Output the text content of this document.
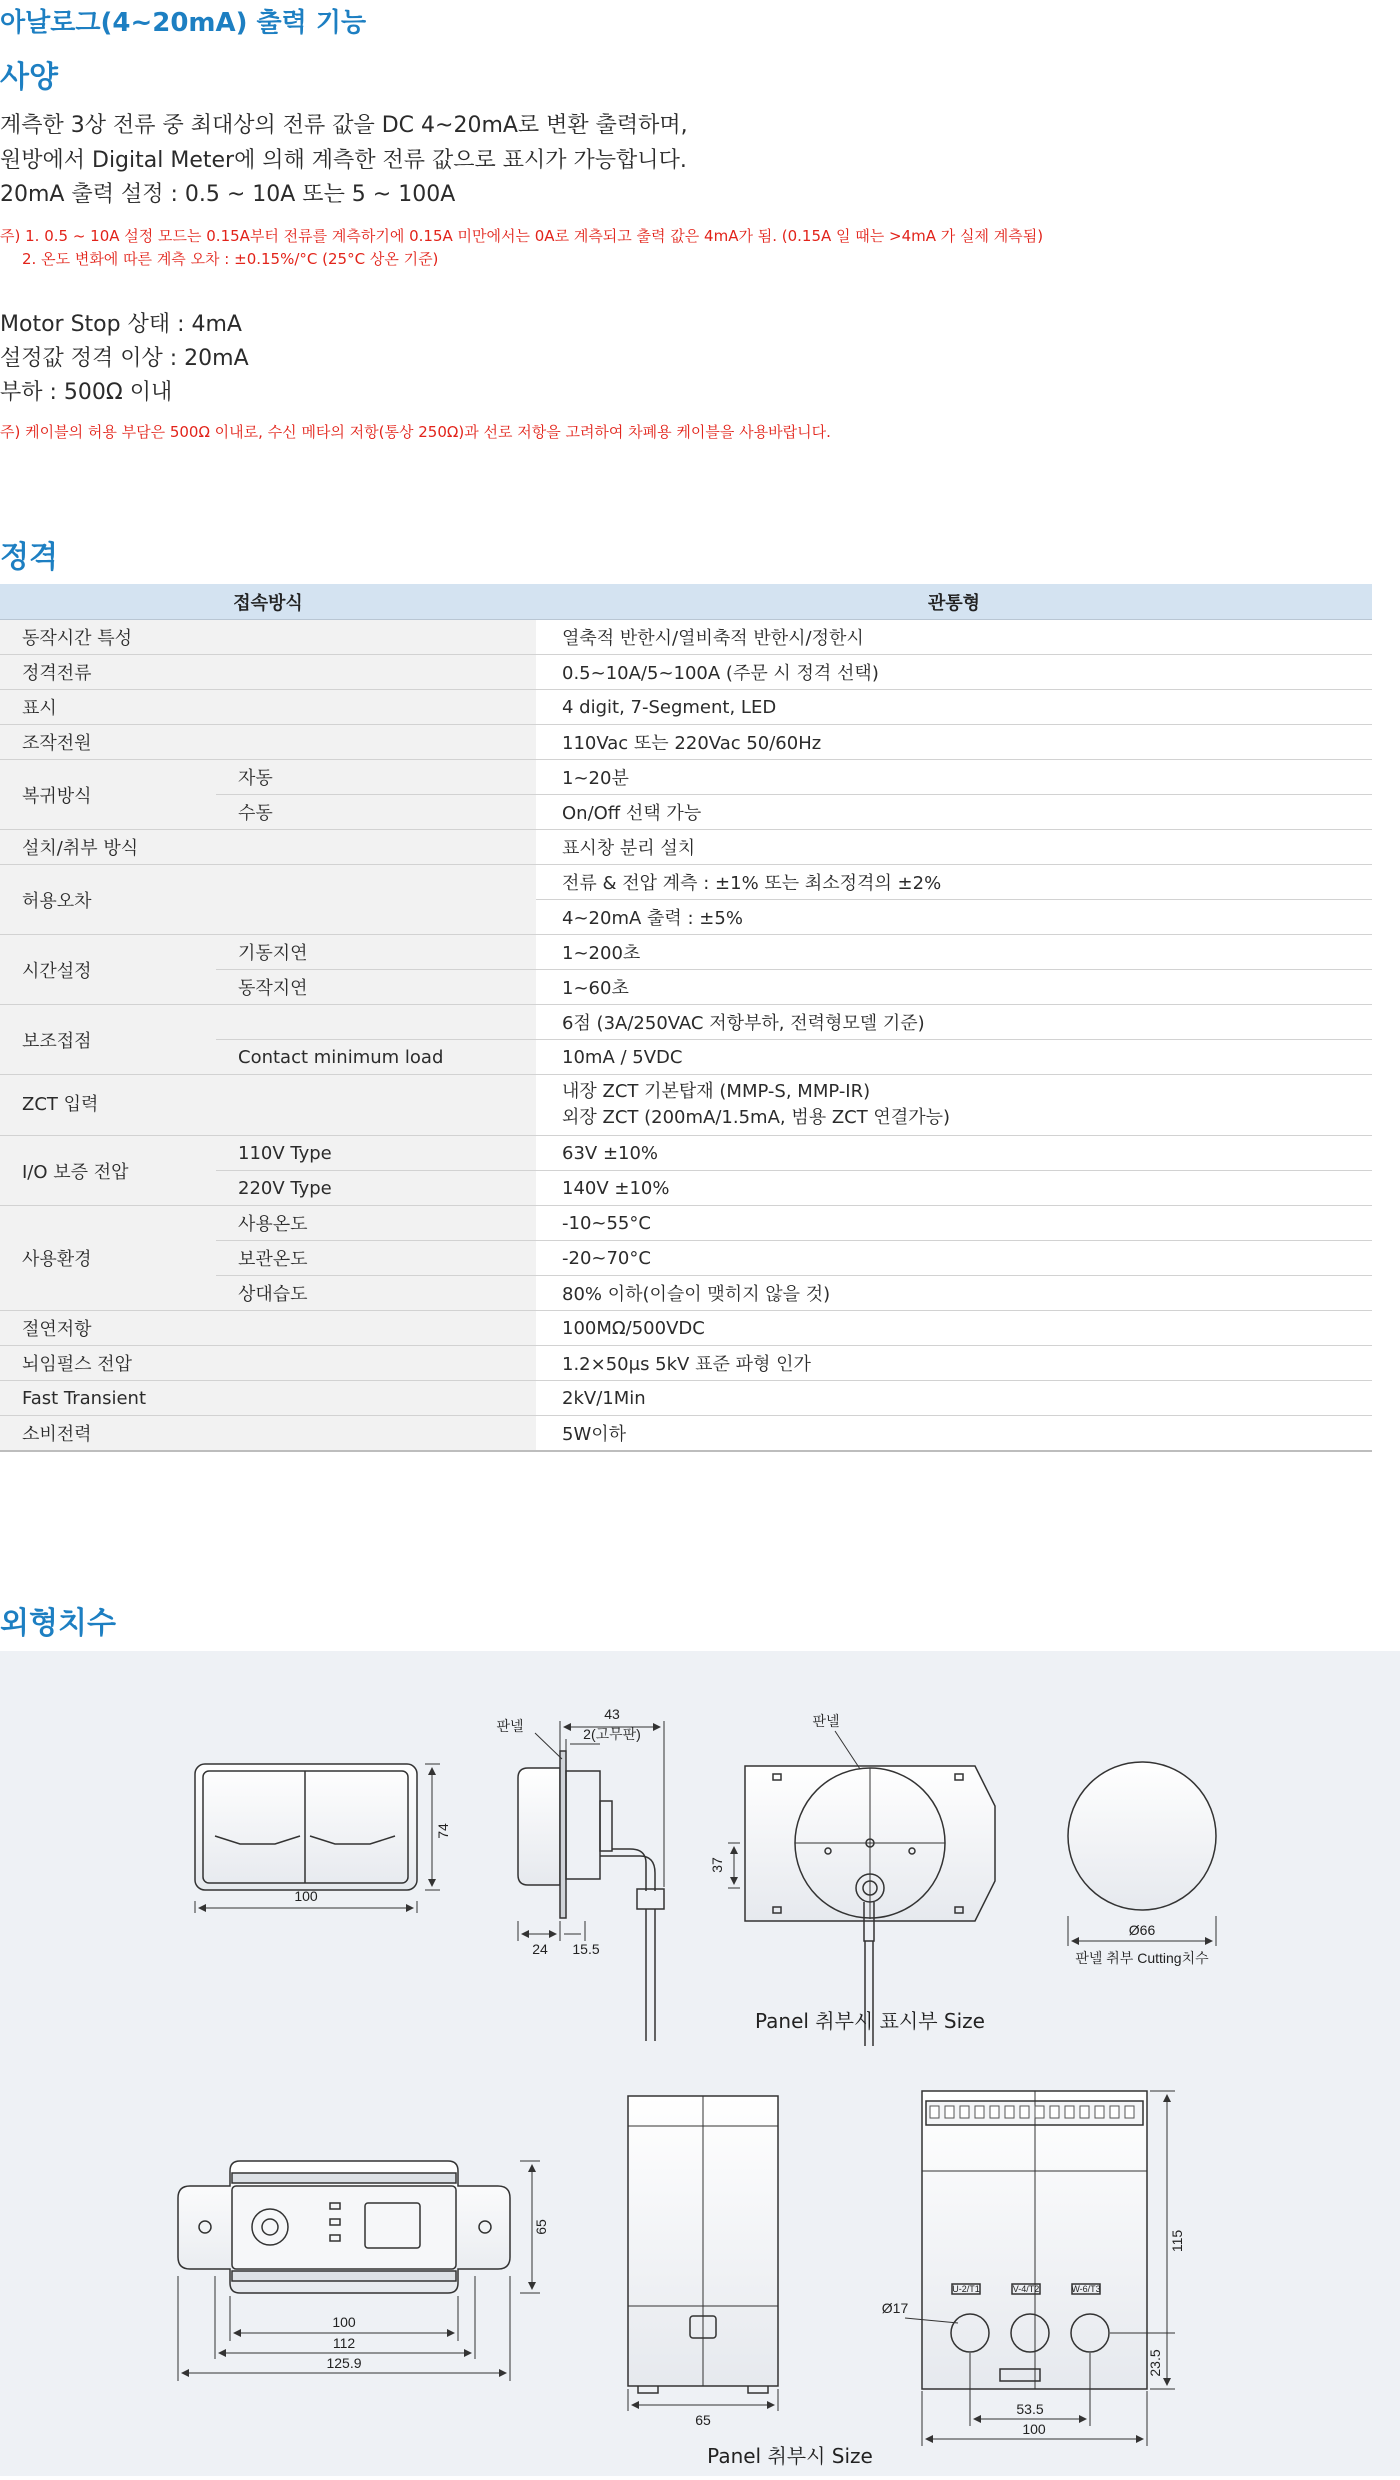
아날로그(4~20mA) 출력 기능
사양
계측한 3상 전류 중 최대상의 전류 값을 DC 4~20mA로 변환 출력하며,
원방에서 Digital Meter에 의해 계측한 전류 값으로 표시가 가능합니다.
20mA 출력 설정 : 0.5 ~ 10A 또는 5 ~ 100A
주) 1. 0.5 ~ 10A 설정 모드는 0.15A부터 전류를 계측하기에 0.15A 미만에서는 0A로 계측되고 출력 값은 4mA가 됨. (0.15A 일 때는 >4mA 가 실제 계측됨)
2. 온도 변화에 따른 계측 오차 : ±0.15%/°C (25°C 상온 기준)
Motor Stop 상태 : 4mA
설정값 정격 이상 : 20mA
부하 : 500Ω 이내
주) 케이블의 허용 부담은 500Ω 이내로, 수신 메타의 저항(통상 250Ω)과 선로 저항을 고려하여 차폐용 케이블을 사용바랍니다.
정격
접속방식		관통형
동작시간 특성		열축적 반한시/열비축적 반한시/정한시
정격전류		0.5~10A/5~100A (주문 시 정격 선택)
표시		4 digit, 7-Segment, LED
조작전원		110Vac 또는 220Vac 50/60Hz
복귀방식	자동	1~20분
	수동	On/Off 선택 가능
설치/취부 방식		표시창 분리 설치
허용오차		전류 & 전압 계측 : ±1% 또는 최소정격의 ±2%
		4~20mA 출력 : ±5%
시간설정	기동지연	1~200초
	동작지연	1~60초
보조접점		6점 (3A/250VAC 저항부하, 전력형모델 기준)
	Contact minimum load	10mA / 5VDC
ZCT 입력		내장 ZCT 기본탑재 (MMP-S, MMP-IR)
외장 ZCT (200mA/1.5mA, 범용 ZCT 연결가능)

I/O 보증 전압	110V Type	63V ±10%
	220V Type	140V ±10%
사용환경	사용온도	-10~55°C
	보관온도	-20~70°C
	상대습도	80% 이하(이슬이 맺히지 않을 것)
절연저항		100MΩ/500VDC
뇌임펄스 전압		1.2×50μs 5kV 표준 파형 인가
Fast Transient		2kV/1Min
소비전력		5W이하
외형치수
100
74
43
2(고무판)
판넬
24 15.5
판넬
37
Ø66
판넬 취부 Cutting치수
Panel 취부시 표시부 Size
65
100
112
125.9
65
U-2/T1	V-4/T2	W-6/T3
Ø17
115
23.5
53.5
100
Panel 취부시 Size
